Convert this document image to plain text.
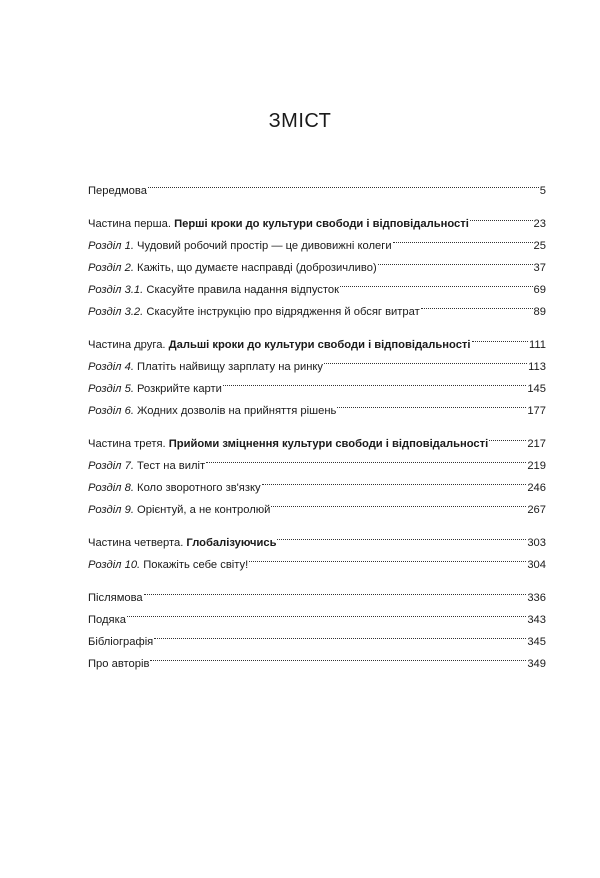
ЗМІСТ
Передмова	5
Частина перша. Перші кроки до культури свободи і відповідальності	23
Розділ 1. Чудовий робочий простір — це дивовижні колеги	25
Розділ 2. Кажіть, що думаєте насправді (доброзичливо)	37
Розділ 3.1. Скасуйте правила надання відпусток	69
Розділ 3.2. Скасуйте інструкцію про відрядження й обсяг витрат	89
Частина друга. Дальші кроки до культури свободи і відповідальності	111
Розділ 4. Платіть найвищу зарплату на ринку	113
Розділ 5. Розкрийте карти	145
Розділ 6. Жодних дозволів на прийняття рішень	177
Частина третя. Прийоми зміцнення культури свободи і відповідальності	217
Розділ 7. Тест на виліт	219
Розділ 8. Коло зворотного зв'язку	246
Розділ 9. Орієнтуй, а не контролюй	267
Частина четверта. Глобалізуючись	303
Розділ 10. Покажіть себе світу!	304
Післямова	336
Подяка	343
Бібліографія	345
Про авторів	349
